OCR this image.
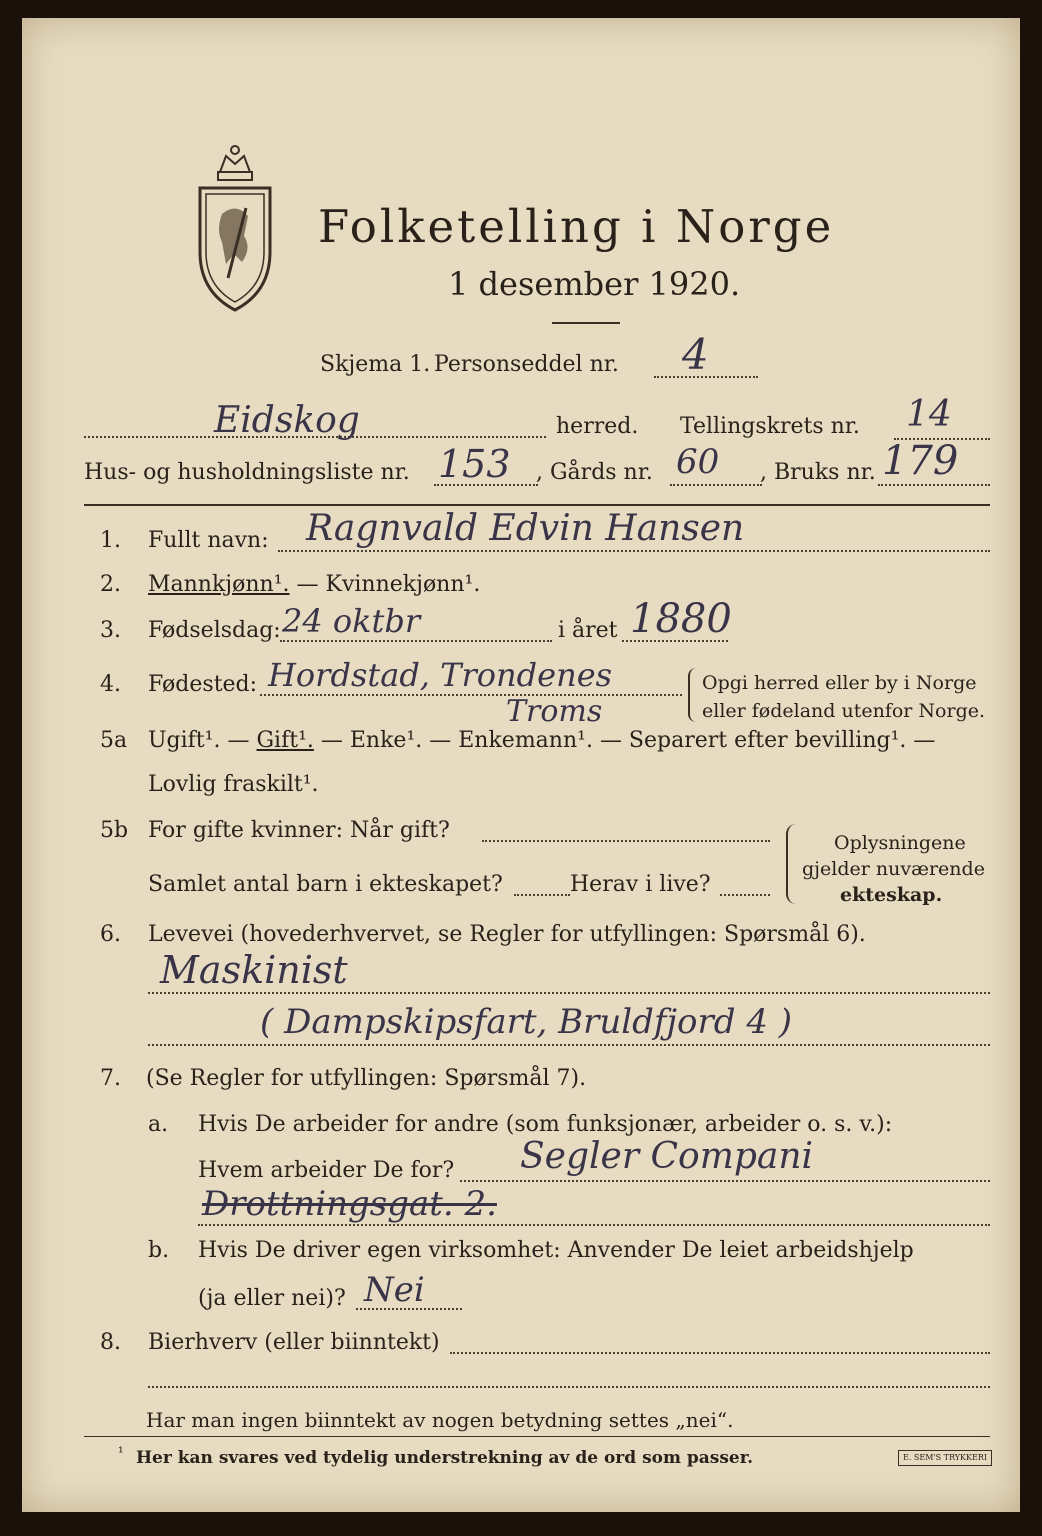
Folketelling i Norge
1 desember 1920.
Skjema 1. Personseddel nr. 4
Eidskog	herred. Tellingskrets nr. 14
Hus- og husholdningsliste nr. 153 , Gårds nr. 60 , Bruks nr. 179
1. Fullt navn: Ragnvald Edvin Hansen
2. Mannkjønn¹. — Kvinnekjønn¹.
3. Fødselsdag: 24 oktbr	i året 1880
4. Fødested: Hordstad, Trondenes
Troms
Opgi herred eller by i Norge
eller fødeland utenfor Norge.
5a Ugift¹. — Gift¹. — Enke¹. — Enkemann¹. — Separert efter bevilling¹. —
Lovlig fraskilt¹.
5b For gifte kvinner: Når gift?
Samlet antal barn i ekteskapet?	Herav i live?
Oplysningene
gjelder nuværende
ekteskap.
6. Levevei (hovederhvervet, se Regler for utfyllingen: Spørsmål 6).
Maskinist
( Dampskipsfart, Bruldfjord 4 )
7. (Se Regler for utfyllingen: Spørsmål 7).
a. Hvis De arbeider for andre (som funksjonær, arbeider o. s. v.):
Hvem arbeider De for? Segler Compani
Drottningsgat. 2.
b. Hvis De driver egen virksomhet: Anvender De leiet arbeidshjelp
(ja eller nei)? Nei
8. Bierhverv (eller biinntekt)
Har man ingen biinntekt av nogen betydning settes „nei“.
¹ Her kan svares ved tydelig understrekning av de ord som passer.	E. SEM'S TRYKKERI
